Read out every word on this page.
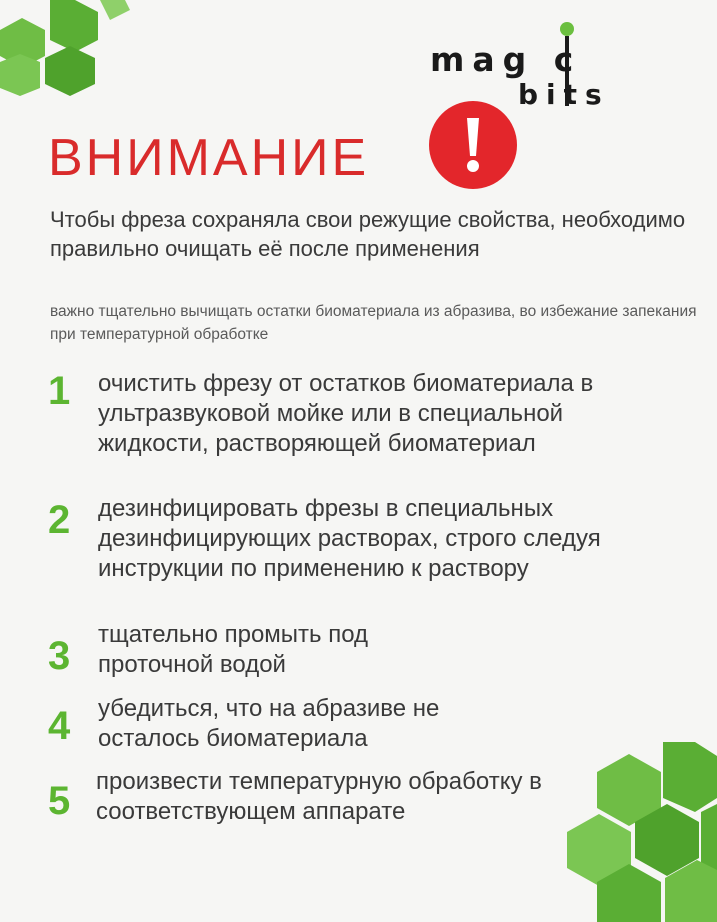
mag c
bits
ВНИМАНИЕ
Чтобы фреза сохраняла свои режущие свойства, необходимо правильно очищать её после применения
важно тщательно вычищать остатки биоматериала из абразива, во избежание запекания при температурной обработке
1 очистить фрезу от остатков биоматериала в ультразвуковой мойке или в специальной жидкости, растворяющей биоматериал
2 дезинфицировать фрезы в специальных дезинфицирующих растворах, строго следуя инструкции по применению к раствору
3 тщательно промыть под проточной водой
4 убедиться, что на абразиве не осталось биоматериала
5 произвести температурную обработку в соответствующем аппарате
